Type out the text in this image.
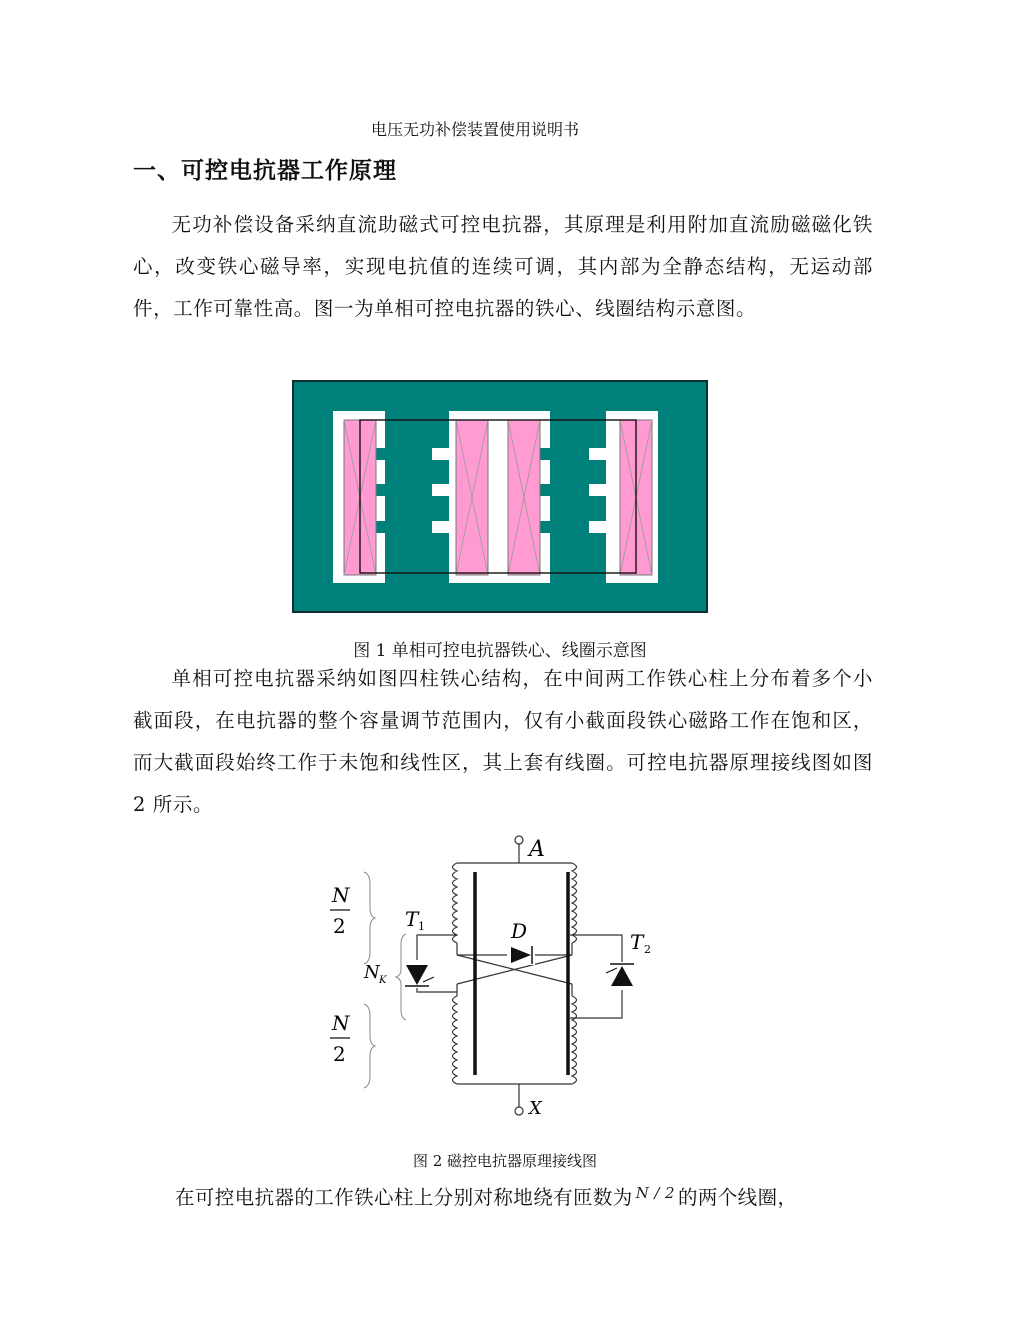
电压无功补偿装置使用说明书
一、可控电抗器工作原理
无功补偿设备采纳直流助磁式可控电抗器，其原理是利用附加直流励磁磁化铁心，改变铁心磁导率，实现电抗值的连续可调，其内部为全静态结构，无运动部件，工作可靠性高。图一为单相可控电抗器的铁心、线圈结构示意图。
图 1 单相可控电抗器铁心、线圈示意图
单相可控电抗器采纳如图四柱铁心结构，在中间两工作铁心柱上分布着多个小截面段，在电抗器的整个容量调节范围内，仅有小截面段铁心磁路工作在饱和区，而大截面段始终工作于未饱和线性区，其上套有线圈。可控电抗器原理接线图如图 2 所示。
A
X
D
T 1
T 2
N
2
N K
N
2
图 2 磁控电抗器原理接线图
在可控电抗器的工作铁心柱上分别对称地绕有匝数为 $^{N / 2}$ 的两个线圈，
